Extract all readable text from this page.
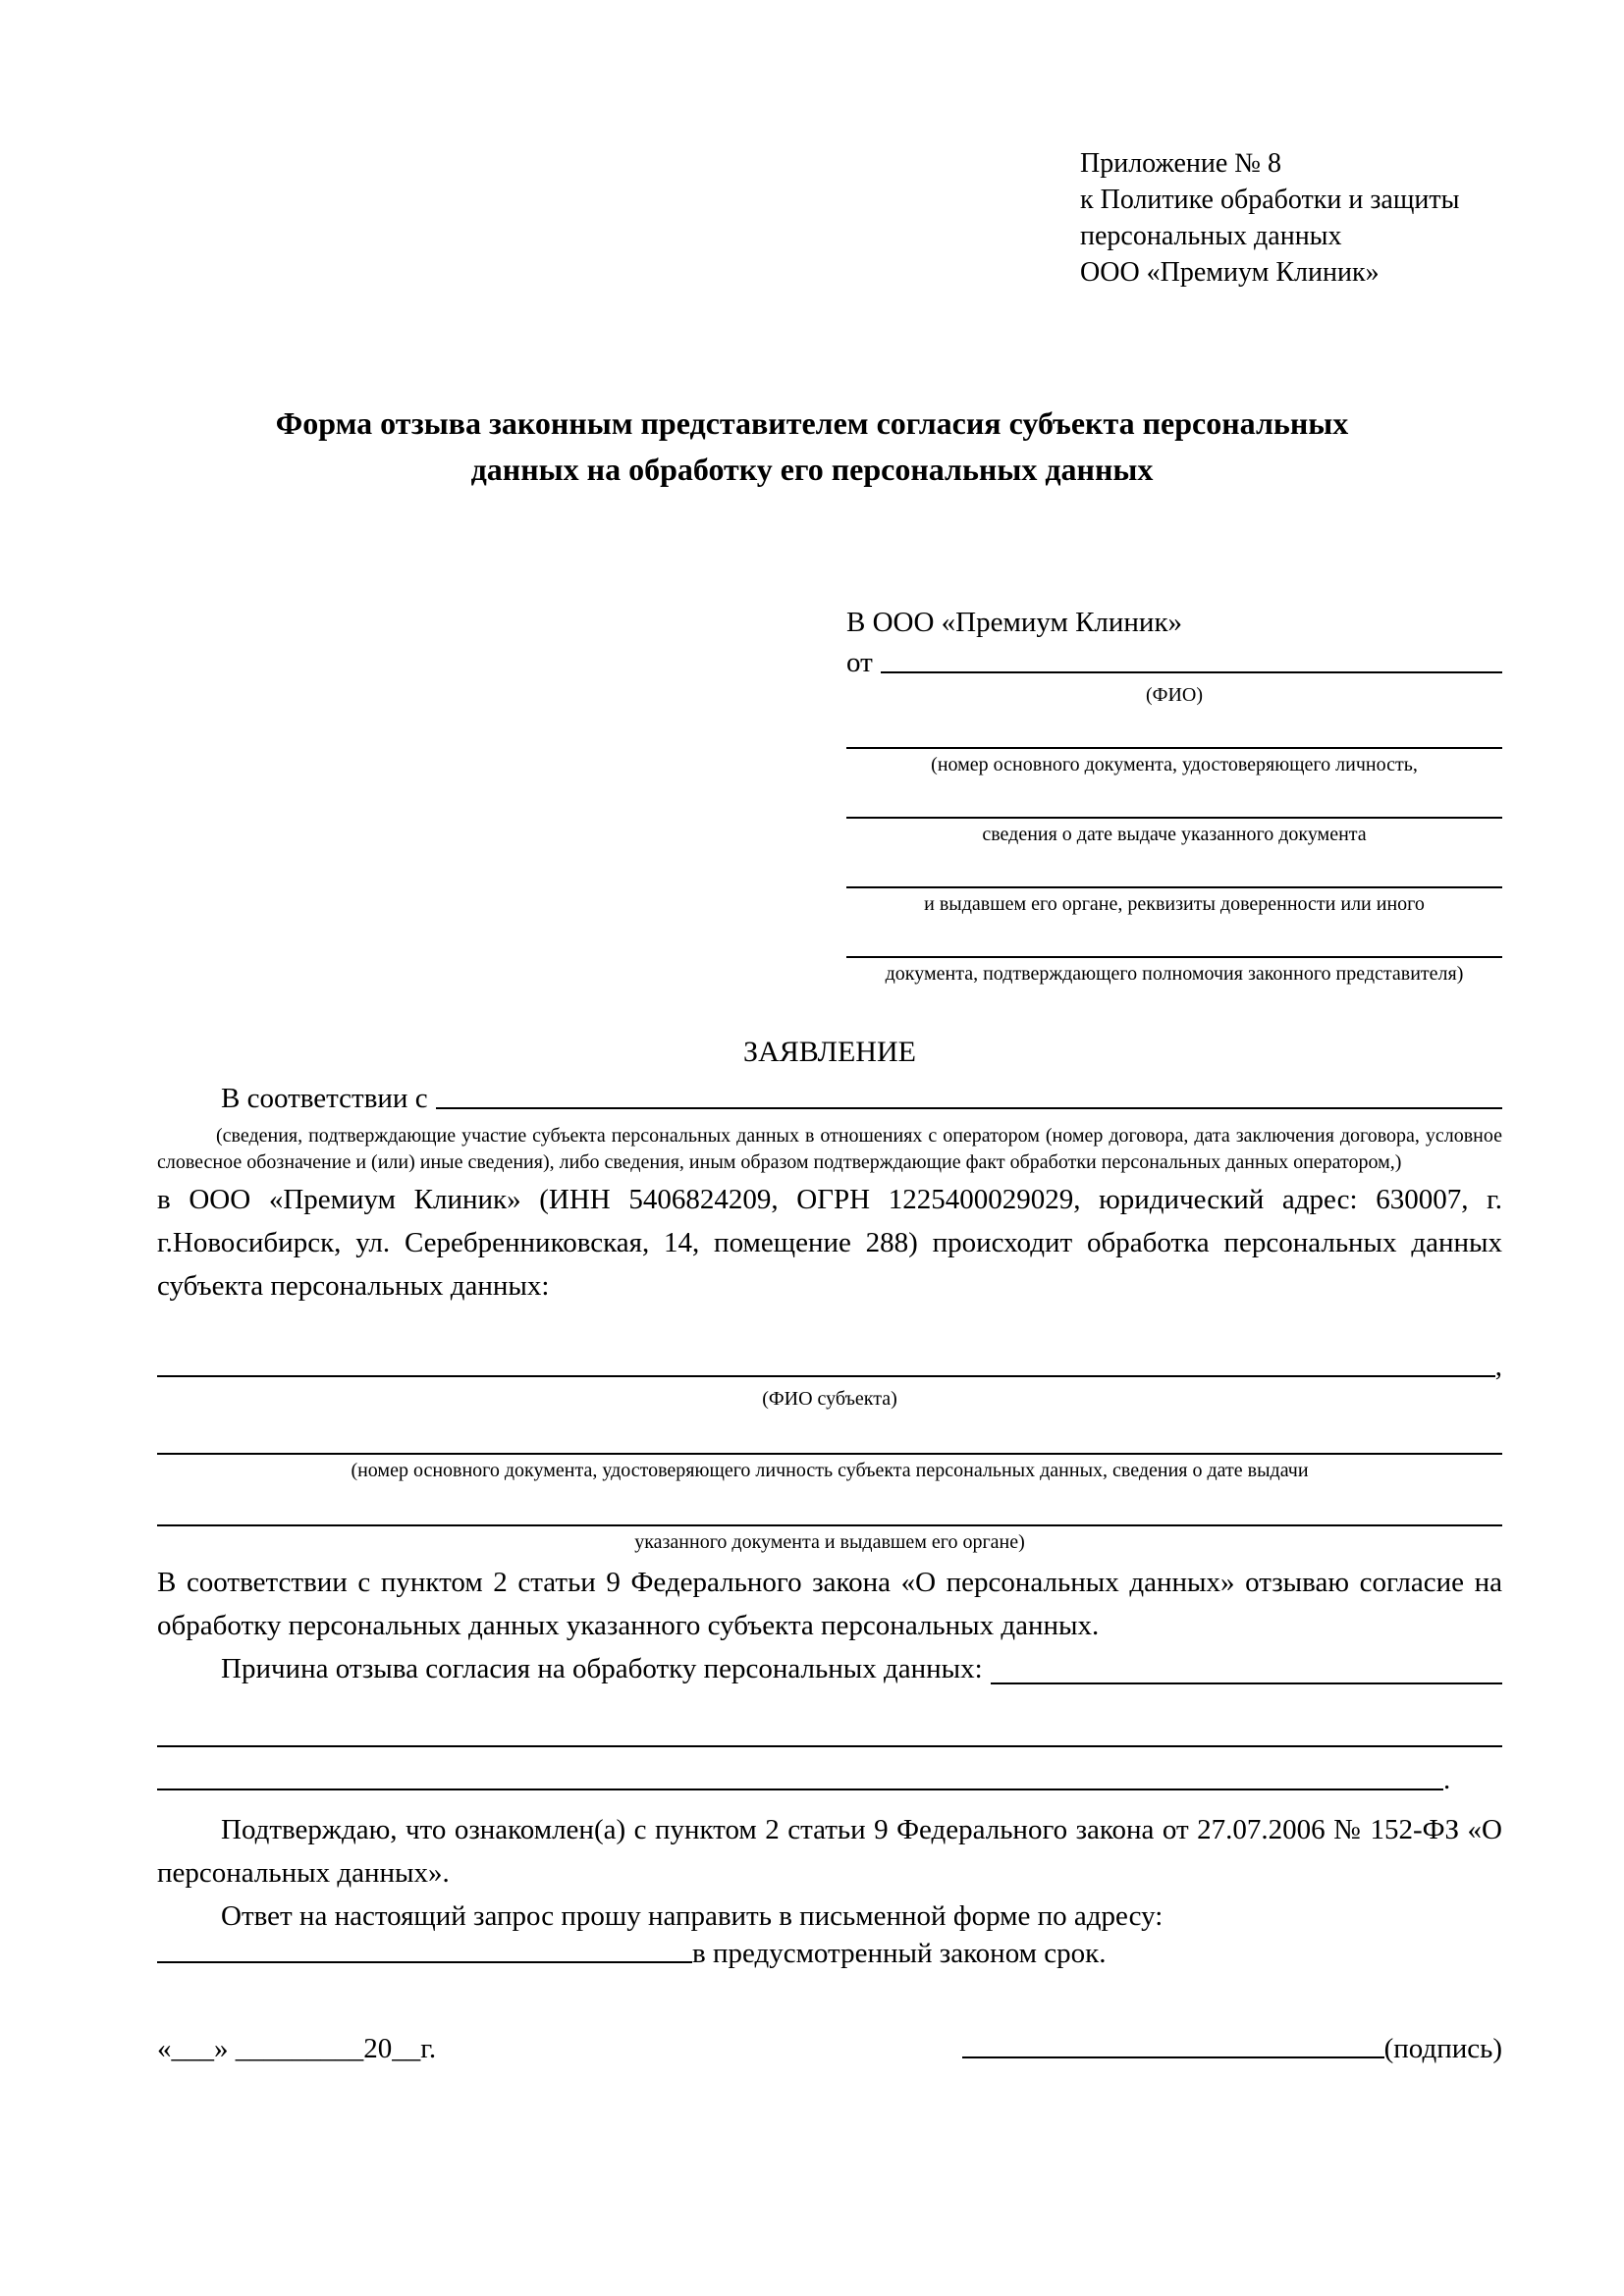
Приложение № 8
к Политике обработки и защиты
персональных данных
ООО «Премиум Клиник»
Форма отзыва законным представителем согласия субъекта персональных данных на обработку его персональных данных
В ООО «Премиум Клиник»
от
(ФИО)
(номер основного документа, удостоверяющего личность,
сведения о дате выдаче указанного документа
и выдавшем его органе, реквизиты доверенности или иного
документа, подтверждающего полномочия законного представителя)
ЗАЯВЛЕНИЕ
В соответствии с
(сведения, подтверждающие участие субъекта персональных данных в отношениях с оператором (номер договора, дата заключения договора, условное словесное обозначение и (или) иные сведения), либо сведения, иным образом подтверждающие факт обработки персональных данных оператором,)
в ООО «Премиум Клиник» (ИНН 5406824209, ОГРН 1225400029029, юридический адрес: 630007, г. г.Новосибирск, ул. Серебренниковская, 14, помещение 288) происходит обработка персональных данных субъекта персональных данных:
,
(ФИО субъекта)
(номер основного документа, удостоверяющего личность субъекта персональных данных, сведения о дате выдачи
указанного документа и выдавшем его органе)
В соответствии с пунктом 2 статьи 9 Федерального закона «О персональных данных» отзываю согласие на обработку персональных данных указанного субъекта персональных данных.
Причина отзыва согласия на обработку персональных данных:
.
Подтверждаю, что ознакомлен(а) с пунктом 2 статьи 9 Федерального закона от 27.07.2006 № 152-ФЗ «О персональных данных».
Ответ на настоящий запрос прошу направить в письменной форме по адресу:
в предусмотренный законом срок.
«___» _________20__г.	(подпись)
